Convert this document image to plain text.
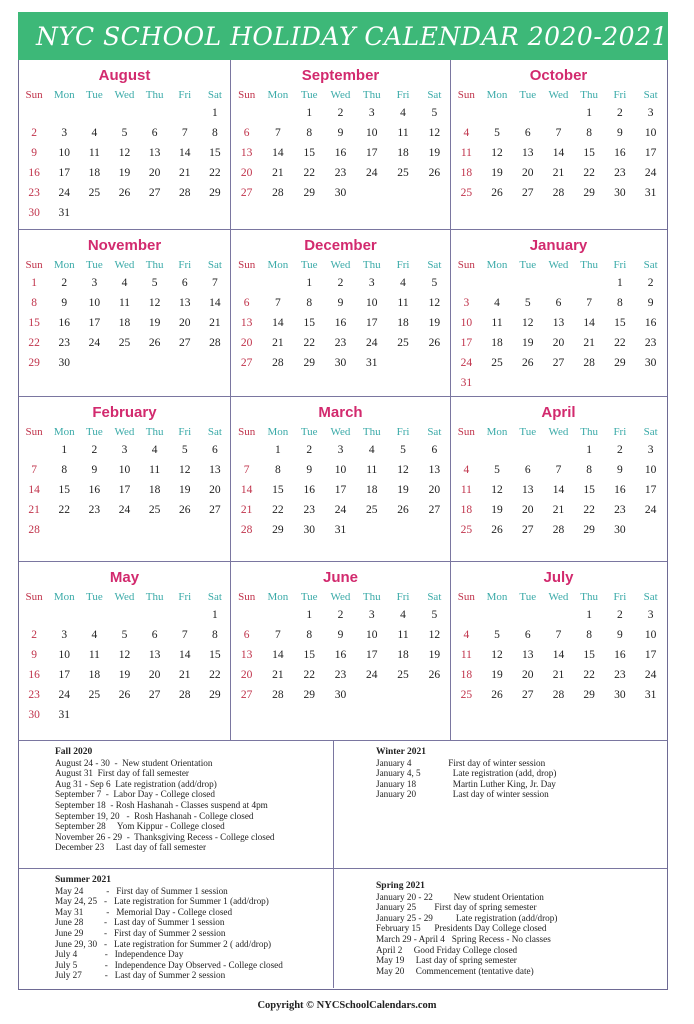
NYC SCHOOL HOLIDAY CALENDAR 2020-2021
August
Sun	Mon	Tue	Wed	Thu	Fri	Sat
						1
2	3	4	5	6	7	8
9	10	11	12	13	14	15
16	17	18	19	20	21	22
23	24	25	26	27	28	29
30	31					
September
Sun	Mon	Tue	Wed	Thu	Fri	Sat
		1	2	3	4	5
6	7	8	9	10	11	12
13	14	15	16	17	18	19
20	21	22	23	24	25	26
27	28	29	30			
October
Sun	Mon	Tue	Wed	Thu	Fri	Sat
				1	2	3
4	5	6	7	8	9	10
11	12	13	14	15	16	17
18	19	20	21	22	23	24
25	26	27	28	29	30	31
November
Sun	Mon	Tue	Wed	Thu	Fri	Sat
1	2	3	4	5	6	7
8	9	10	11	12	13	14
15	16	17	18	19	20	21
22	23	24	25	26	27	28
29	30					
December
Sun	Mon	Tue	Wed	Thu	Fri	Sat
		1	2	3	4	5
6	7	8	9	10	11	12
13	14	15	16	17	18	19
20	21	22	23	24	25	26
27	28	29	30	31		
January
Sun	Mon	Tue	Wed	Thu	Fri	Sat
					1	2
3	4	5	6	7	8	9
10	11	12	13	14	15	16
17	18	19	20	21	22	23
24	25	26	27	28	29	30
31						
February
Sun	Mon	Tue	Wed	Thu	Fri	Sat
	1	2	3	4	5	6
7	8	9	10	11	12	13
14	15	16	17	18	19	20
21	22	23	24	25	26	27
28						
March
Sun	Mon	Tue	Wed	Thu	Fri	Sat
	1	2	3	4	5	6
7	8	9	10	11	12	13
14	15	16	17	18	19	20
21	22	23	24	25	26	27
28	29	30	31			
April
Sun	Mon	Tue	Wed	Thu	Fri	Sat
				1	2	3
4	5	6	7	8	9	10
11	12	13	14	15	16	17
18	19	20	21	22	23	24
25	26	27	28	29	30	
May
Sun	Mon	Tue	Wed	Thu	Fri	Sat
						1
2	3	4	5	6	7	8
9	10	11	12	13	14	15
16	17	18	19	20	21	22
23	24	25	26	27	28	29
30	31					
June
Sun	Mon	Tue	Wed	Thu	Fri	Sat
		1	2	3	4	5
6	7	8	9	10	11	12
13	14	15	16	17	18	19
20	21	22	23	24	25	26
27	28	29	30			
July
Sun	Mon	Tue	Wed	Thu	Fri	Sat
				1	2	3
4	5	6	7	8	9	10
11	12	13	14	15	16	17
18	19	20	21	22	23	24
25	26	27	28	29	30	31
Fall 2020
August 24 - 30  -  New student Orientation
August 31  First day of fall semester
Aug 31 - Sep 6  Late registration (add/drop)
September 7  -  Labor Day - College closed
September 18  - Rosh Hashanah - Classes suspend at 4pm
September 19, 20   -  Rosh Hashanah - College closed
September 28     Yom Kippur - College closed
November 26 - 29  -  Thanksgiving Recess - College closed
December 23     Last day of fall semester
Winter 2021
January 4                First day of winter session
January 4, 5              Late registration (add, drop)
January 18                Martin Luther King, Jr. Day
January 20                Last day of winter session
Summer 2021
May 24          -   First day of Summer 1 session
May 24, 25   -   Late registration for Summer 1 (add/drop)
May 31          -   Memorial Day - College closed
June 28         -   Last day of Summer 1 session
June 29         -   First day of Summer 2 session
June 29, 30   -   Late registration for Summer 2 ( add/drop)
July 4            -   Independence Day
July 5            -   Independence Day Observed - College closed
July 27          -   Last day of Summer 2 session
Spring 2021
January 20 - 22         New student Orientation
January 25        First day of spring semester
January 25 - 29          Late registration (add/drop)
February 15      Presidents Day College closed
March 29 - April 4   Spring Recess - No classes
April 2     Good Friday College closed
May 19     Last day of spring semester
May 20     Commencement (tentative date)
Copyright © NYCSchoolCalendars.com
